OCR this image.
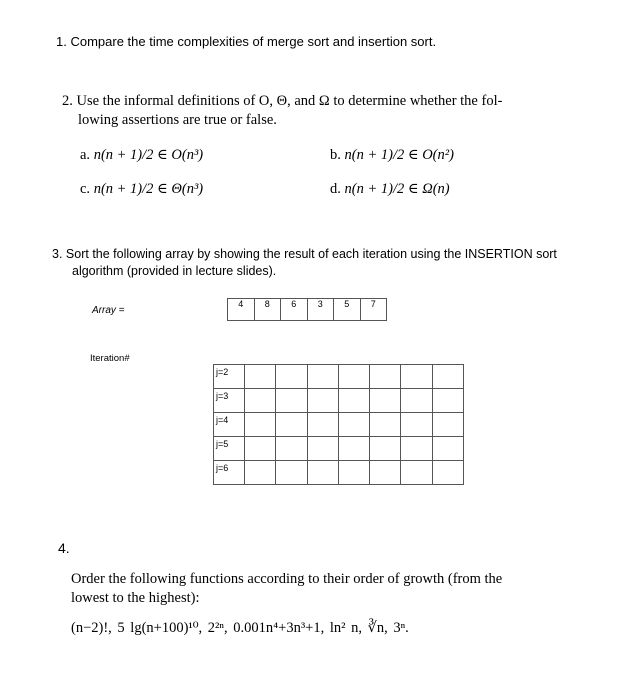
1. Compare the time complexities of merge sort and insertion sort.
2. Use the informal definitions of O, Θ, and Ω to determine whether the fol-
lowing assertions are true or false.
a. n(n + 1)/2 ∈ O(n³)	b. n(n + 1)/2 ∈ O(n²)
c. n(n + 1)/2 ∈ Θ(n³)	d. n(n + 1)/2 ∈ Ω(n)
3. Sort the following array by showing the result of each iteration using the INSERTION sort
algorithm (provided in lecture slides).
Array =
4	8	6	3	5	7
Iteration#
j=2							
j=3							
j=4							
j=5							
j=6							
4.
Order the following functions according to their order of growth (from the
lowest to the highest):
(n−2)!, 5 lg(n+100)¹⁰, 2²ⁿ, 0.001n⁴+3n³+1, ln² n, ∛n, 3ⁿ.
